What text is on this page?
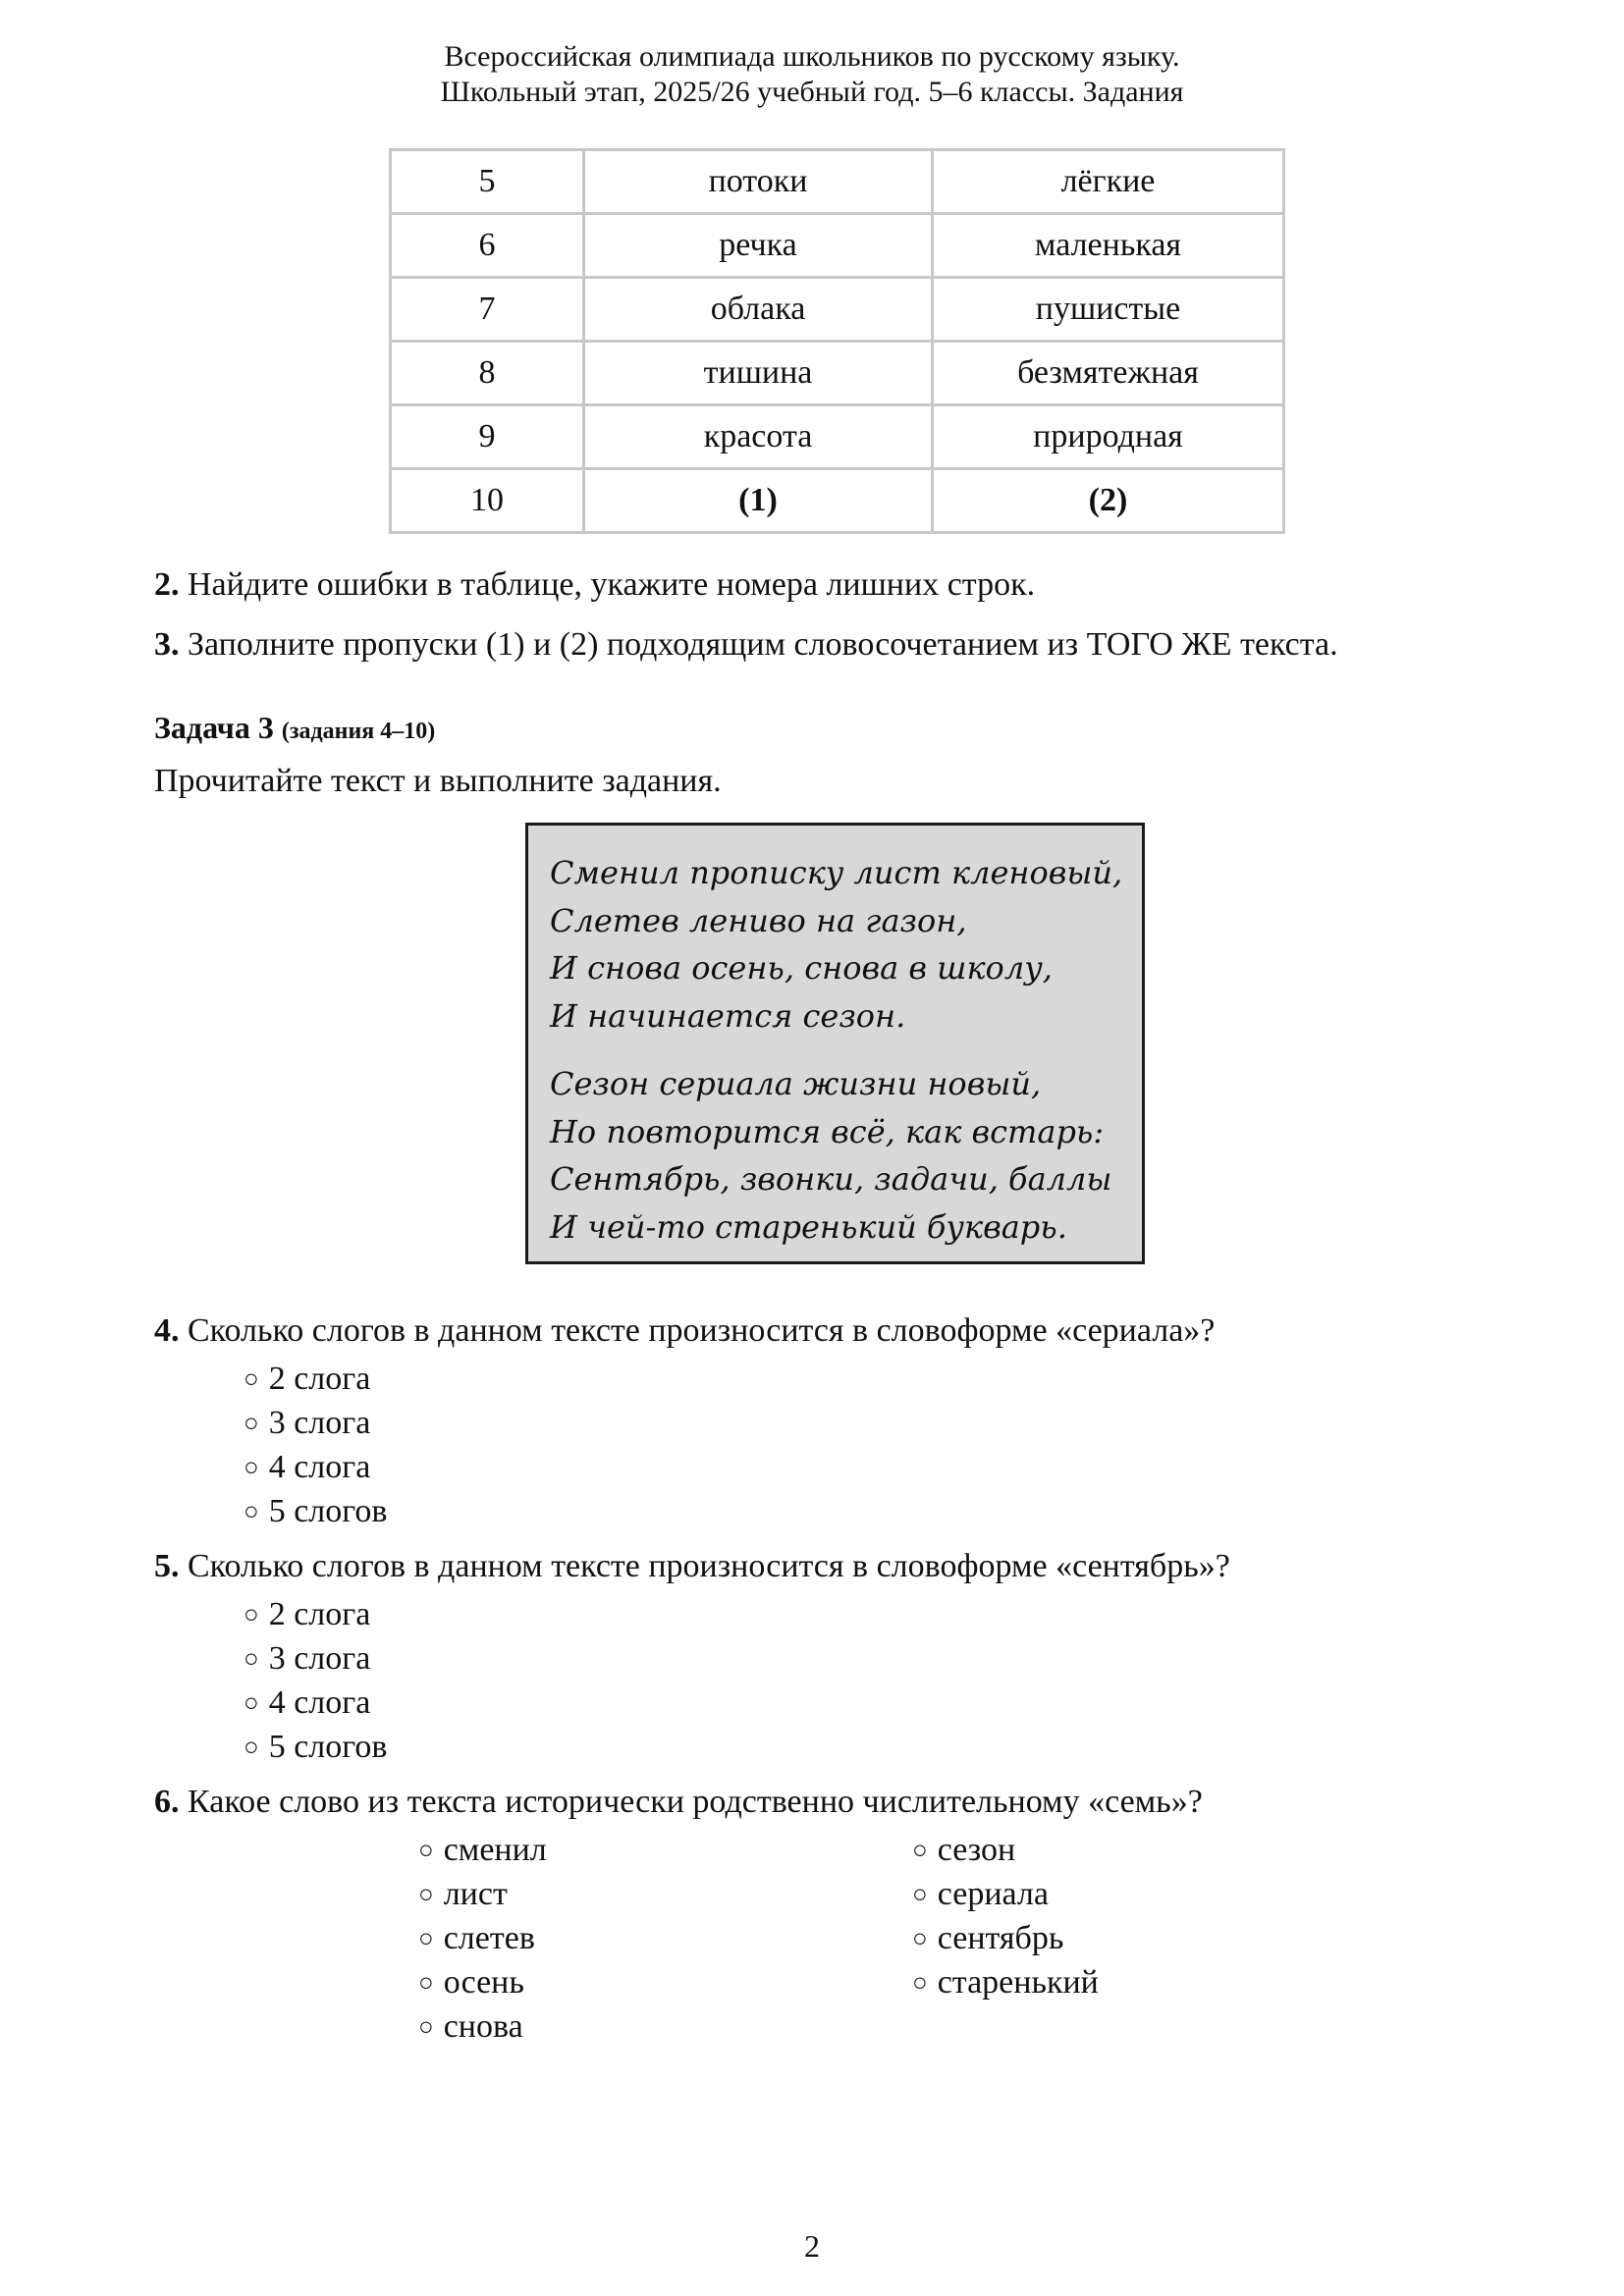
Всероссийская олимпиада школьников по русскому языку.
Школьный этап, 2025/26 учебный год. 5–6 классы. Задания
5	потоки	лёгкие
6	речка	маленькая
7	облака	пушистые
8	тишина	безмятежная
9	красота	природная
10	(1)	(2)
2. Найдите ошибки в таблице, укажите номера лишних строк.
3. Заполните пропуски (1) и (2) подходящим словосочетанием из ТОГО ЖЕ текста.
Задача 3 (задания 4–10)
Прочитайте текст и выполните задания.
Сменил прописку лист кленовый,
Слетев лениво на газон,
И снова осень, снова в школу,
И начинается сезон.
Сезон сериала жизни новый,
Но повторится всё, как встарь:
Сентябрь, звонки, задачи, баллы
И чей-то старенький букварь.
4. Сколько слогов в данном тексте произносится в словоформе «сериала»?
○ 2 слога
○ 3 слога
○ 4 слога
○ 5 слогов
5. Сколько слогов в данном тексте произносится в словоформе «сентябрь»?
○ 2 слога
○ 3 слога
○ 4 слога
○ 5 слогов
6. Какое слово из текста исторически родственно числительному «семь»?
○ сменил
○ лист
○ слетев
○ осень
○ снова
○ сезон
○ сериала
○ сентябрь
○ старенький
2
